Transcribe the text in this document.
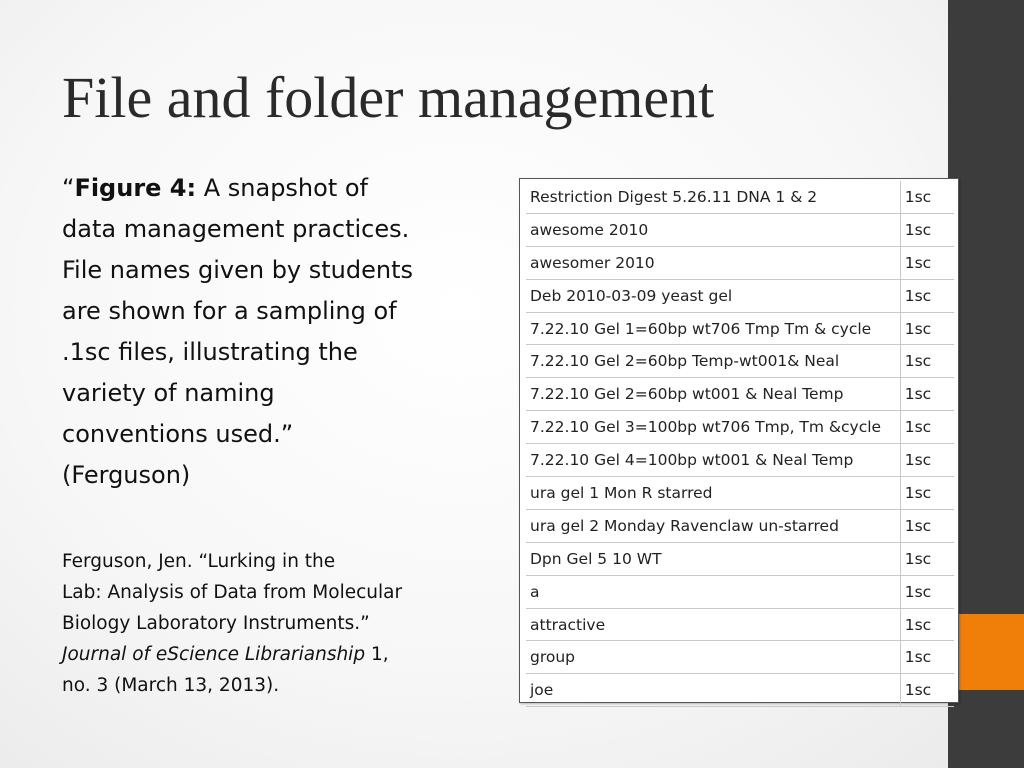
File and folder management
“Figure 4: A snapshot of
data management practices.
File names given by students
are shown for a sampling of
.1sc files, illustrating the
variety of naming
conventions used.”
(Ferguson)
Ferguson, Jen. “Lurking in the
Lab: Analysis of Data from Molecular
Biology Laboratory Instruments.”
Journal of eScience Librarianship 1,
no. 3 (March 13, 2013).
Restriction Digest 5.26.11 DNA 1 & 2	1sc
awesome 2010	1sc
awesomer 2010	1sc
Deb 2010-03-09 yeast gel	1sc
7.22.10 Gel 1=60bp wt706 Tmp Tm & cycle	1sc
7.22.10 Gel 2=60bp Temp-wt001& Neal	1sc
7.22.10 Gel 2=60bp wt001 & Neal Temp	1sc
7.22.10 Gel 3=100bp wt706 Tmp, Tm &cycle	1sc
7.22.10 Gel 4=100bp wt001 & Neal Temp	1sc
ura gel 1 Mon R starred	1sc
ura gel 2 Monday Ravenclaw un-starred	1sc
Dpn Gel 5 10 WT	1sc
a	1sc
attractive	1sc
group	1sc
joe	1sc
